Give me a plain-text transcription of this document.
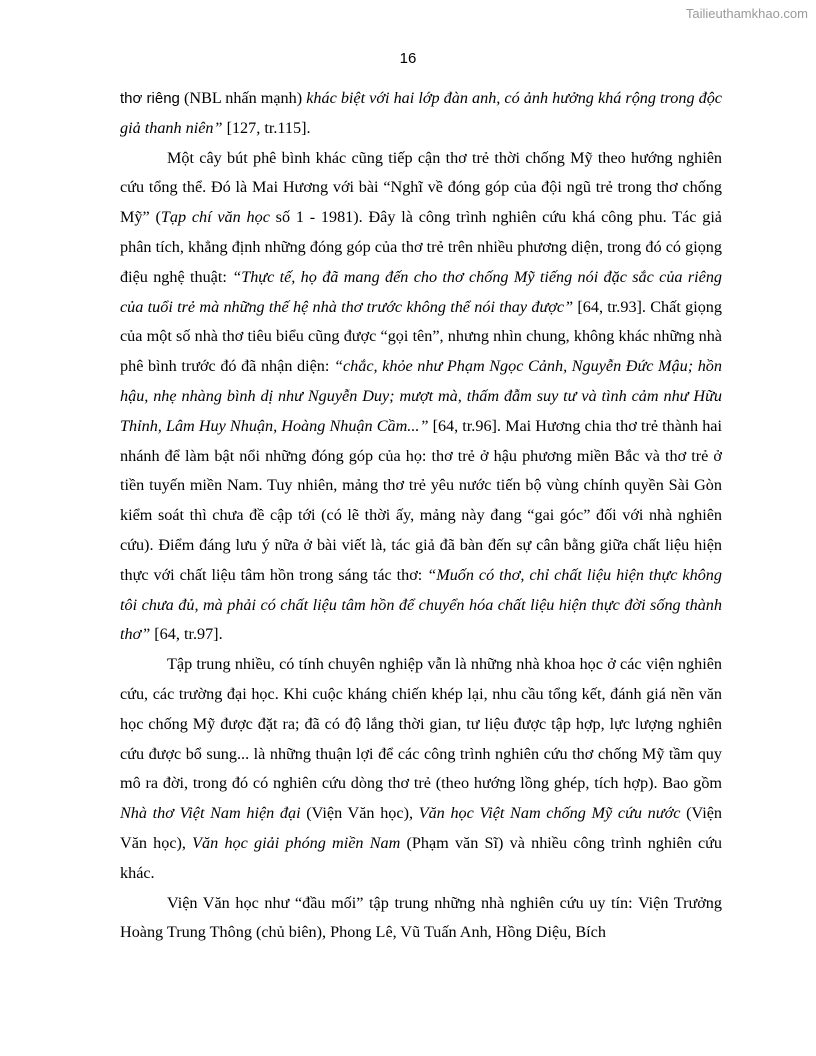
Tailieuthamkhao.com
16

thơ riêng (NBL nhấn mạnh) khác biệt với hai lớp đàn anh, có ảnh hưởng khá rộng trong độc giả thanh niên” [127, tr.115].

Một cây bút phê bình khác cũng tiếp cận thơ trẻ thời chống Mỹ theo hướng nghiên cứu tổng thể. Đó là Mai Hương với bài “Nghĩ về đóng góp của đội ngũ trẻ trong thơ chống Mỹ” (Tạp chí văn học số 1 - 1981). Đây là công trình nghiên cứu khá công phu. Tác giả phân tích, khẳng định những đóng góp của thơ trẻ trên nhiều phương diện, trong đó có giọng điệu nghệ thuật: “Thực tế, họ đã mang đến cho thơ chống Mỹ tiếng nói đặc sắc của riêng của tuổi trẻ mà những thế hệ nhà thơ trước không thể nói thay được” [64, tr.93]. Chất giọng của một số nhà thơ tiêu biểu cũng được “gọi tên”, nhưng nhìn chung, không khác những nhà phê bình trước đó đã nhận diện: “chắc, khỏe như Phạm Ngọc Cảnh, Nguyễn Đức Mậu; hồn hậu, nhẹ nhàng bình dị như Nguyễn Duy; mượt mà, thấm đẫm suy tư và tình cảm như Hữu Thỉnh, Lâm Huy Nhuận, Hoàng Nhuận Cầm...” [64, tr.96]. Mai Hương chia thơ trẻ thành hai nhánh để làm bật nổi những đóng góp của họ: thơ trẻ ở hậu phương miền Bắc và thơ trẻ ở tiền tuyến miền Nam. Tuy nhiên, mảng thơ trẻ yêu nước tiến bộ vùng chính quyền Sài Gòn kiểm soát thì chưa đề cập tới (có lẽ thời ấy, mảng này đang “gai góc” đối với nhà nghiên cứu). Điểm đáng lưu ý nữa ở bài viết là, tác giả đã bàn đến sự cân bằng giữa chất liệu hiện thực với chất liệu tâm hồn trong sáng tác thơ: “Muốn có thơ, chỉ chất liệu hiện thực không tôi chưa đủ, mà phải có chất liệu tâm hồn để chuyển hóa chất liệu hiện thực đời sống thành thơ” [64, tr.97].

Tập trung nhiều, có tính chuyên nghiệp vẫn là những nhà khoa học ở các viện nghiên cứu, các trường đại học. Khi cuộc kháng chiến khép lại, nhu cầu tổng kết, đánh giá nền văn học chống Mỹ được đặt ra; đã có độ lắng thời gian, tư liệu được tập hợp, lực lượng nghiên cứu được bổ sung... là những thuận lợi để các công trình nghiên cứu thơ chống Mỹ tầm quy mô ra đời, trong đó có nghiên cứu dòng thơ trẻ (theo hướng lồng ghép, tích hợp). Bao gồm Nhà thơ Việt Nam hiện đại (Viện Văn học), Văn học Việt Nam chống Mỹ cứu nước (Viện Văn học), Văn học giải phóng miền Nam (Phạm văn Sĩ) và nhiều công trình nghiên cứu khác.

Viện Văn học như “đầu mối” tập trung những nhà nghiên cứu uy tín: Viện Trưởng Hoàng Trung Thông (chủ biên), Phong Lê, Vũ Tuấn Anh, Hồng Diệu, Bích
